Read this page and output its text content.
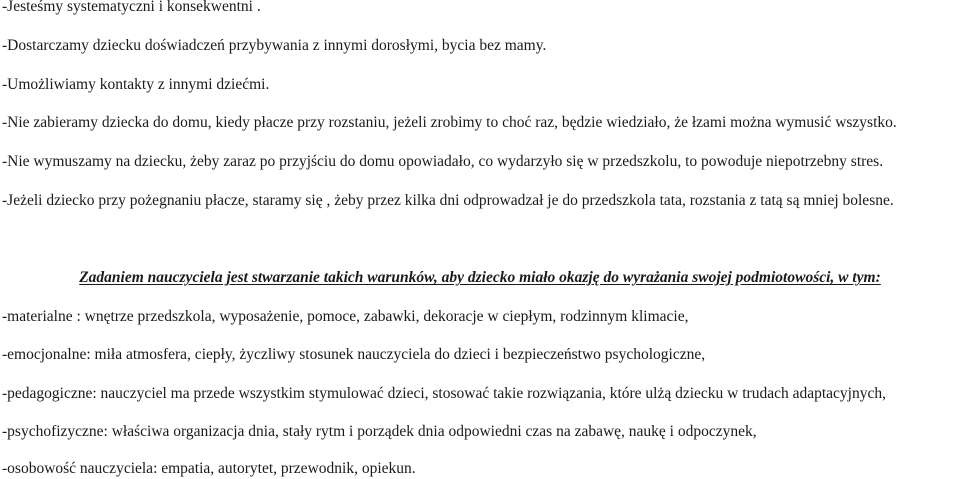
-Jesteśmy systematyczni i konsekwentni .
-Dostarczamy dziecku doświadczeń przybywania z innymi dorosłymi, bycia bez mamy.
-Umożliwiamy kontakty z innymi dziećmi.
-Nie zabieramy dziecka do domu, kiedy płacze przy rozstaniu, jeżeli zrobimy to choć raz, będzie wiedziało, że łzami można wymusić wszystko.
-Nie wymuszamy na dziecku, żeby zaraz po przyjściu do domu opowiadało, co wydarzyło się w przedszkolu, to powoduje niepotrzebny stres.
-Jeżeli dziecko przy pożegnaniu płacze, staramy się , żeby przez kilka dni odprowadzał je do przedszkola tata, rozstania z tatą są mniej bolesne.
Zadaniem nauczyciela jest stwarzanie takich warunków, aby dziecko miało okazję do wyrażania swojej podmiotowości, w tym:
-materialne : wnętrze przedszkola, wyposażenie, pomoce, zabawki, dekoracje w ciepłym, rodzinnym klimacie,
-emocjonalne: miła atmosfera, ciepły, życzliwy stosunek nauczyciela do dzieci i bezpieczeństwo psychologiczne,
-pedagogiczne: nauczyciel ma przede wszystkim stymulować dzieci, stosować takie rozwiązania, które ulżą dziecku w trudach adaptacyjnych,
-psychofizyczne: właściwa organizacja dnia, stały rytm i porządek dnia odpowiedni czas na zabawę, naukę i odpoczynek,
-osobowość nauczyciela: empatia, autorytet, przewodnik, opiekun.
